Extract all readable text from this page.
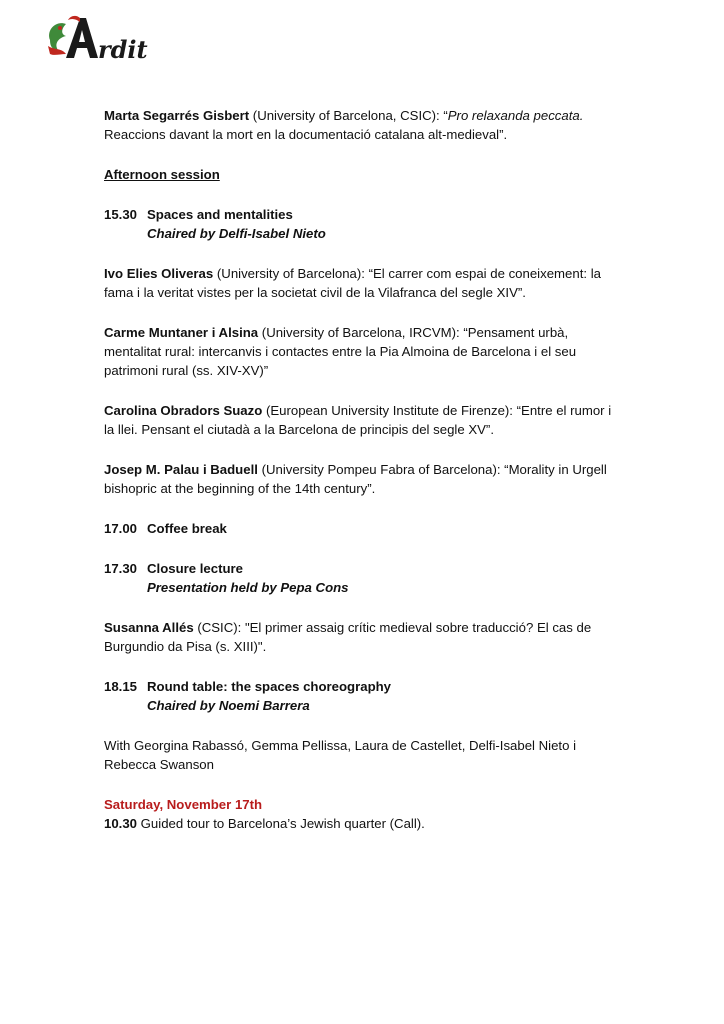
rdit
Marta Segarrés Gisbert (University of Barcelona, CSIC): “Pro relaxanda peccata. Reaccions davant la mort en la documentació catalana alt-medieval”.
Afternoon session
15.30 Spaces and mentalities
Chaired by Delfi-Isabel Nieto
Ivo Elies Oliveras (University of Barcelona): “El carrer com espai de coneixement: la fama i la veritat vistes per la societat civil de la Vilafranca del segle XIV”.
Carme Muntaner i Alsina (University of Barcelona, IRCVM): “Pensament urbà, mentalitat rural: intercanvis i contactes entre la Pia Almoina de Barcelona i el seu patrimoni rural (ss. XIV-XV)”
Carolina Obradors Suazo (European University Institute de Firenze): “Entre el rumor i la llei. Pensant el ciutadà a la Barcelona de principis del segle XV”.
Josep M. Palau i Baduell (University Pompeu Fabra of Barcelona): “Morality in Urgell bishopric at the beginning of the 14th century”.
17.00 Coffee break
17.30 Closure lecture
Presentation held by Pepa Cons
Susanna Allés (CSIC): "El primer assaig crític medieval sobre traducció? El cas de Burgundio da Pisa (s. XIII)".
18.15 Round table: the spaces choreography
Chaired by Noemi Barrera
With Georgina Rabassó, Gemma Pellissa, Laura de Castellet, Delfi-Isabel Nieto i Rebecca Swanson
Saturday, November 17th
10.30 Guided tour to Barcelona’s Jewish quarter (Call).
